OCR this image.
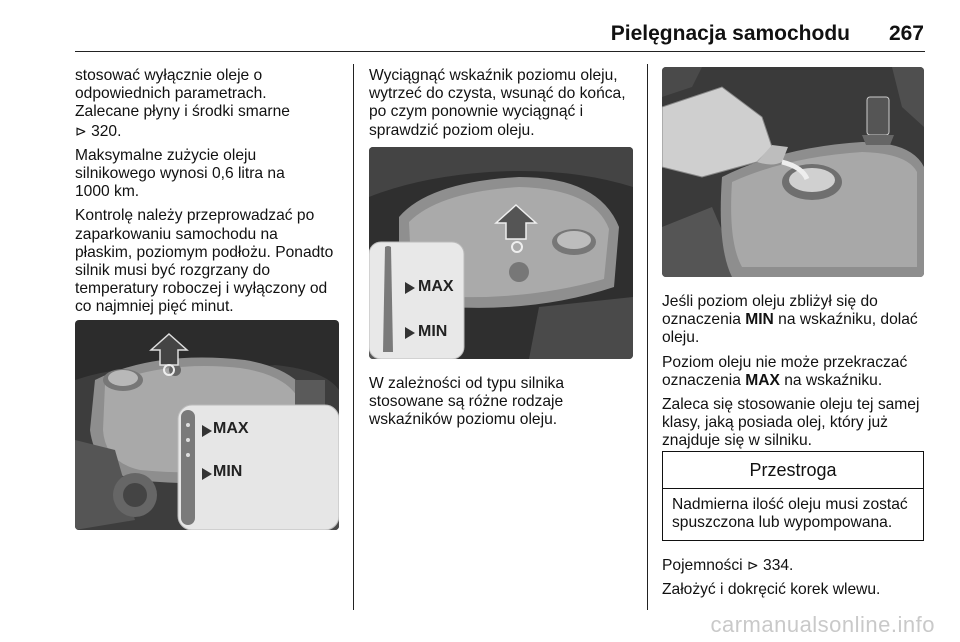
Pielęgnacja samochodu	267

stosować wyłącznie oleje o
odpowiednich parametrach.
Zalecane płyny i środki smarne
⊳ 320.

Maksymalne zużycie oleju
silnikowego wynosi 0,6 litra na
1000 km.

Kontrolę należy przeprowadzać po
zaparkowaniu samochodu na
płaskim, poziomym podłożu. Ponadto
silnik musi być rozgrzany do
temperatury roboczej i wyłączony od
co najmniej pięć minut.

MAX
MIN

Wyciągnąć wskaźnik poziomu oleju,
wytrzeć do czysta, wsunąć do końca,
po czym ponownie wyciągnąć i
sprawdzić poziom oleju.

MAX
MIN

W zależności od typu silnika
stosowane są różne rodzaje
wskaźników poziomu oleju.

Jeśli poziom oleju zbliżył się do
oznaczenia MIN na wskaźniku, dolać
oleju.

Poziom oleju nie może przekraczać
oznaczenia MAX na wskaźniku.

Zaleca się stosowanie oleju tej samej
klasy, jaką posiada olej, który już
znajduje się w silniku.

Przestroga
Nadmierna ilość oleju musi zostać
spuszczona lub wypompowana.

Pojemności ⊳ 334.

Założyć i dokręcić korek wlewu.

carmanualsonline.info
